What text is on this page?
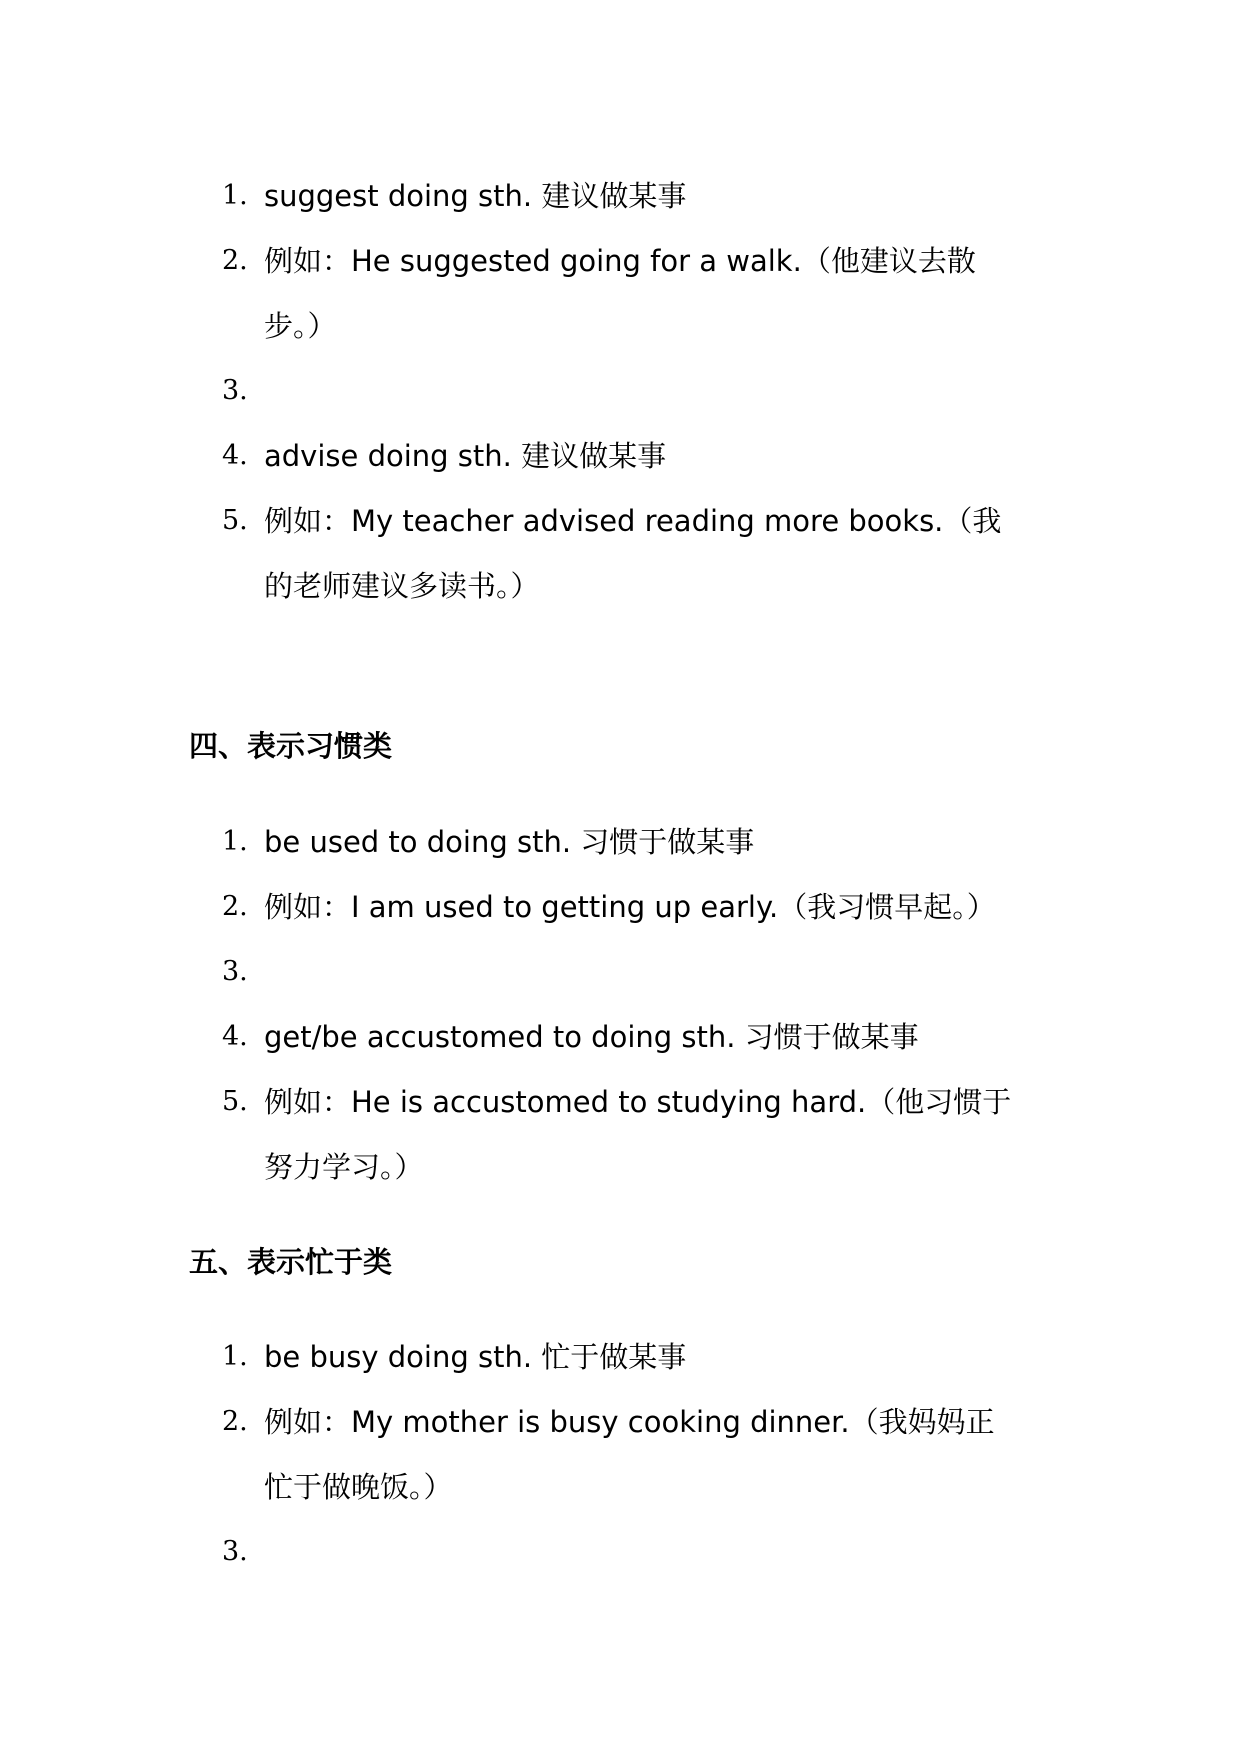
1. suggest doing sth. 建议做某事
2. 例如：He suggested going for a walk.（他建议去散
步。）
3.
4. advise doing sth. 建议做某事
5. 例如：My teacher advised reading more books.（我
的老师建议多读书。）
四、表示习惯类
1. be used to doing sth. 习惯于做某事
2. 例如：I am used to getting up early.（我习惯早起。）
3.
4. get/be accustomed to doing sth. 习惯于做某事
5. 例如：He is accustomed to studying hard.（他习惯于
努力学习。）
五、表示忙于类
1. be busy doing sth. 忙于做某事
2. 例如：My mother is busy cooking dinner.（我妈妈正
忙于做晚饭。）
3.
